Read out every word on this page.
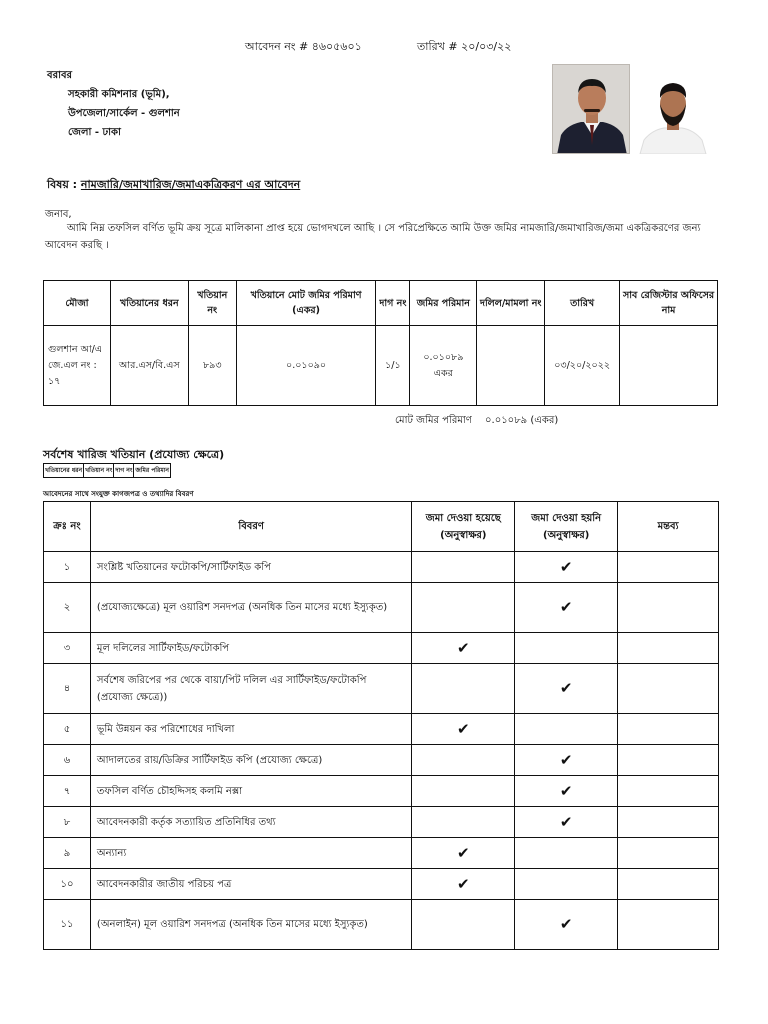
আবেদন নং # ৪৬০৫৬০১	তারিখ # ২০/০৩/২২
বরাবর
সহকারী কমিশনার (ভূমি),
উপজেলা/সার্কেল - গুলশান
জেলা - ঢাকা
বিষয় : নামজারি/জমাখারিজ/জমাএকত্রিকরণ এর আবেদন
জনাব,
আমি নিম্ন তফসিল বর্ণিত ভূমি ক্রয় সূত্রে মালিকানা প্রাপ্ত হয়ে ভোগদখলে আছি । সে পরিপ্রেক্ষিতে আমি উক্ত জমির নামজারি/জমাখারিজ/জমা একত্রিকরণের জন্য আবেদন করছি ।
মৌজা	খতিয়ানের ধরন	খতিয়ান নং	খতিয়ানে মোট জমির পরিমাণ (একর)	দাগ নং	জমির পরিমান	দলিল/মামলা নং	তারিখ	সাব রেজিস্টার অফিসের নাম
গুলশান আ/এ জে.এল নং : ১৭	আর.এস/বি.এস	৮৯৩	০.০১০৯০	১/১	০.০১০৮৯ একর		০৩/২০/২০২২	
মোট জমির পরিমাণ ০.০১০৮৯ (একর)
সর্বশেষ খারিজ খতিয়ান (প্রযোজ্য ক্ষেত্রে)
খতিয়ানের ধরন	খতিয়ান নং	দাগ নং	জমির পরিমান
আবেদনের সাথে সংযুক্ত কাগজপত্র ও তথ্যাদির বিবরণ
ক্রঃ নং	বিবরণ	জমা দেওয়া হয়েছে (অনুস্বাক্ষর)	জমা দেওয়া হয়নি (অনুস্বাক্ষর)	মন্তব্য
১	সংশ্লিষ্ট খতিয়ানের ফটোকপি/সার্টিফাইড কপি		✔	
২	(প্রযোজ্যক্ষেত্রে) মূল ওয়ারিশ সনদপত্র (অনধিক তিন মাসের মধ্যে ইস্যুকৃত)		✔	
৩	মূল দলিলের সার্টিফাইড/ফটোকপি	✔		
৪	সর্বশেষ জরিপের পর থেকে বায়া/পিট দলিল এর সার্টিফাইড/ফটোকপি (প্রযোজ্য ক্ষেত্রে))		✔	
৫	ভূমি উন্নয়ন কর পরিশোধের দাখিলা	✔		
৬	আদালতের রায়/ডিক্রির সার্টিফাইড কপি (প্রযোজ্য ক্ষেত্রে)		✔	
৭	তফসিল বর্ণিত চৌহদ্দিসহ কলমি নক্সা		✔	
৮	আবেদনকারী কর্তৃক সত্যায়িত প্রতিনিধির তথ্য		✔	
৯	অন্যান্য	✔		
১০	আবেদনকারীর জাতীয় পরিচয় পত্র	✔		
১১	(অনলাইন) মূল ওয়ারিশ সনদপত্র (অনধিক তিন মাসের মধ্যে ইস্যুকৃত)		✔	
